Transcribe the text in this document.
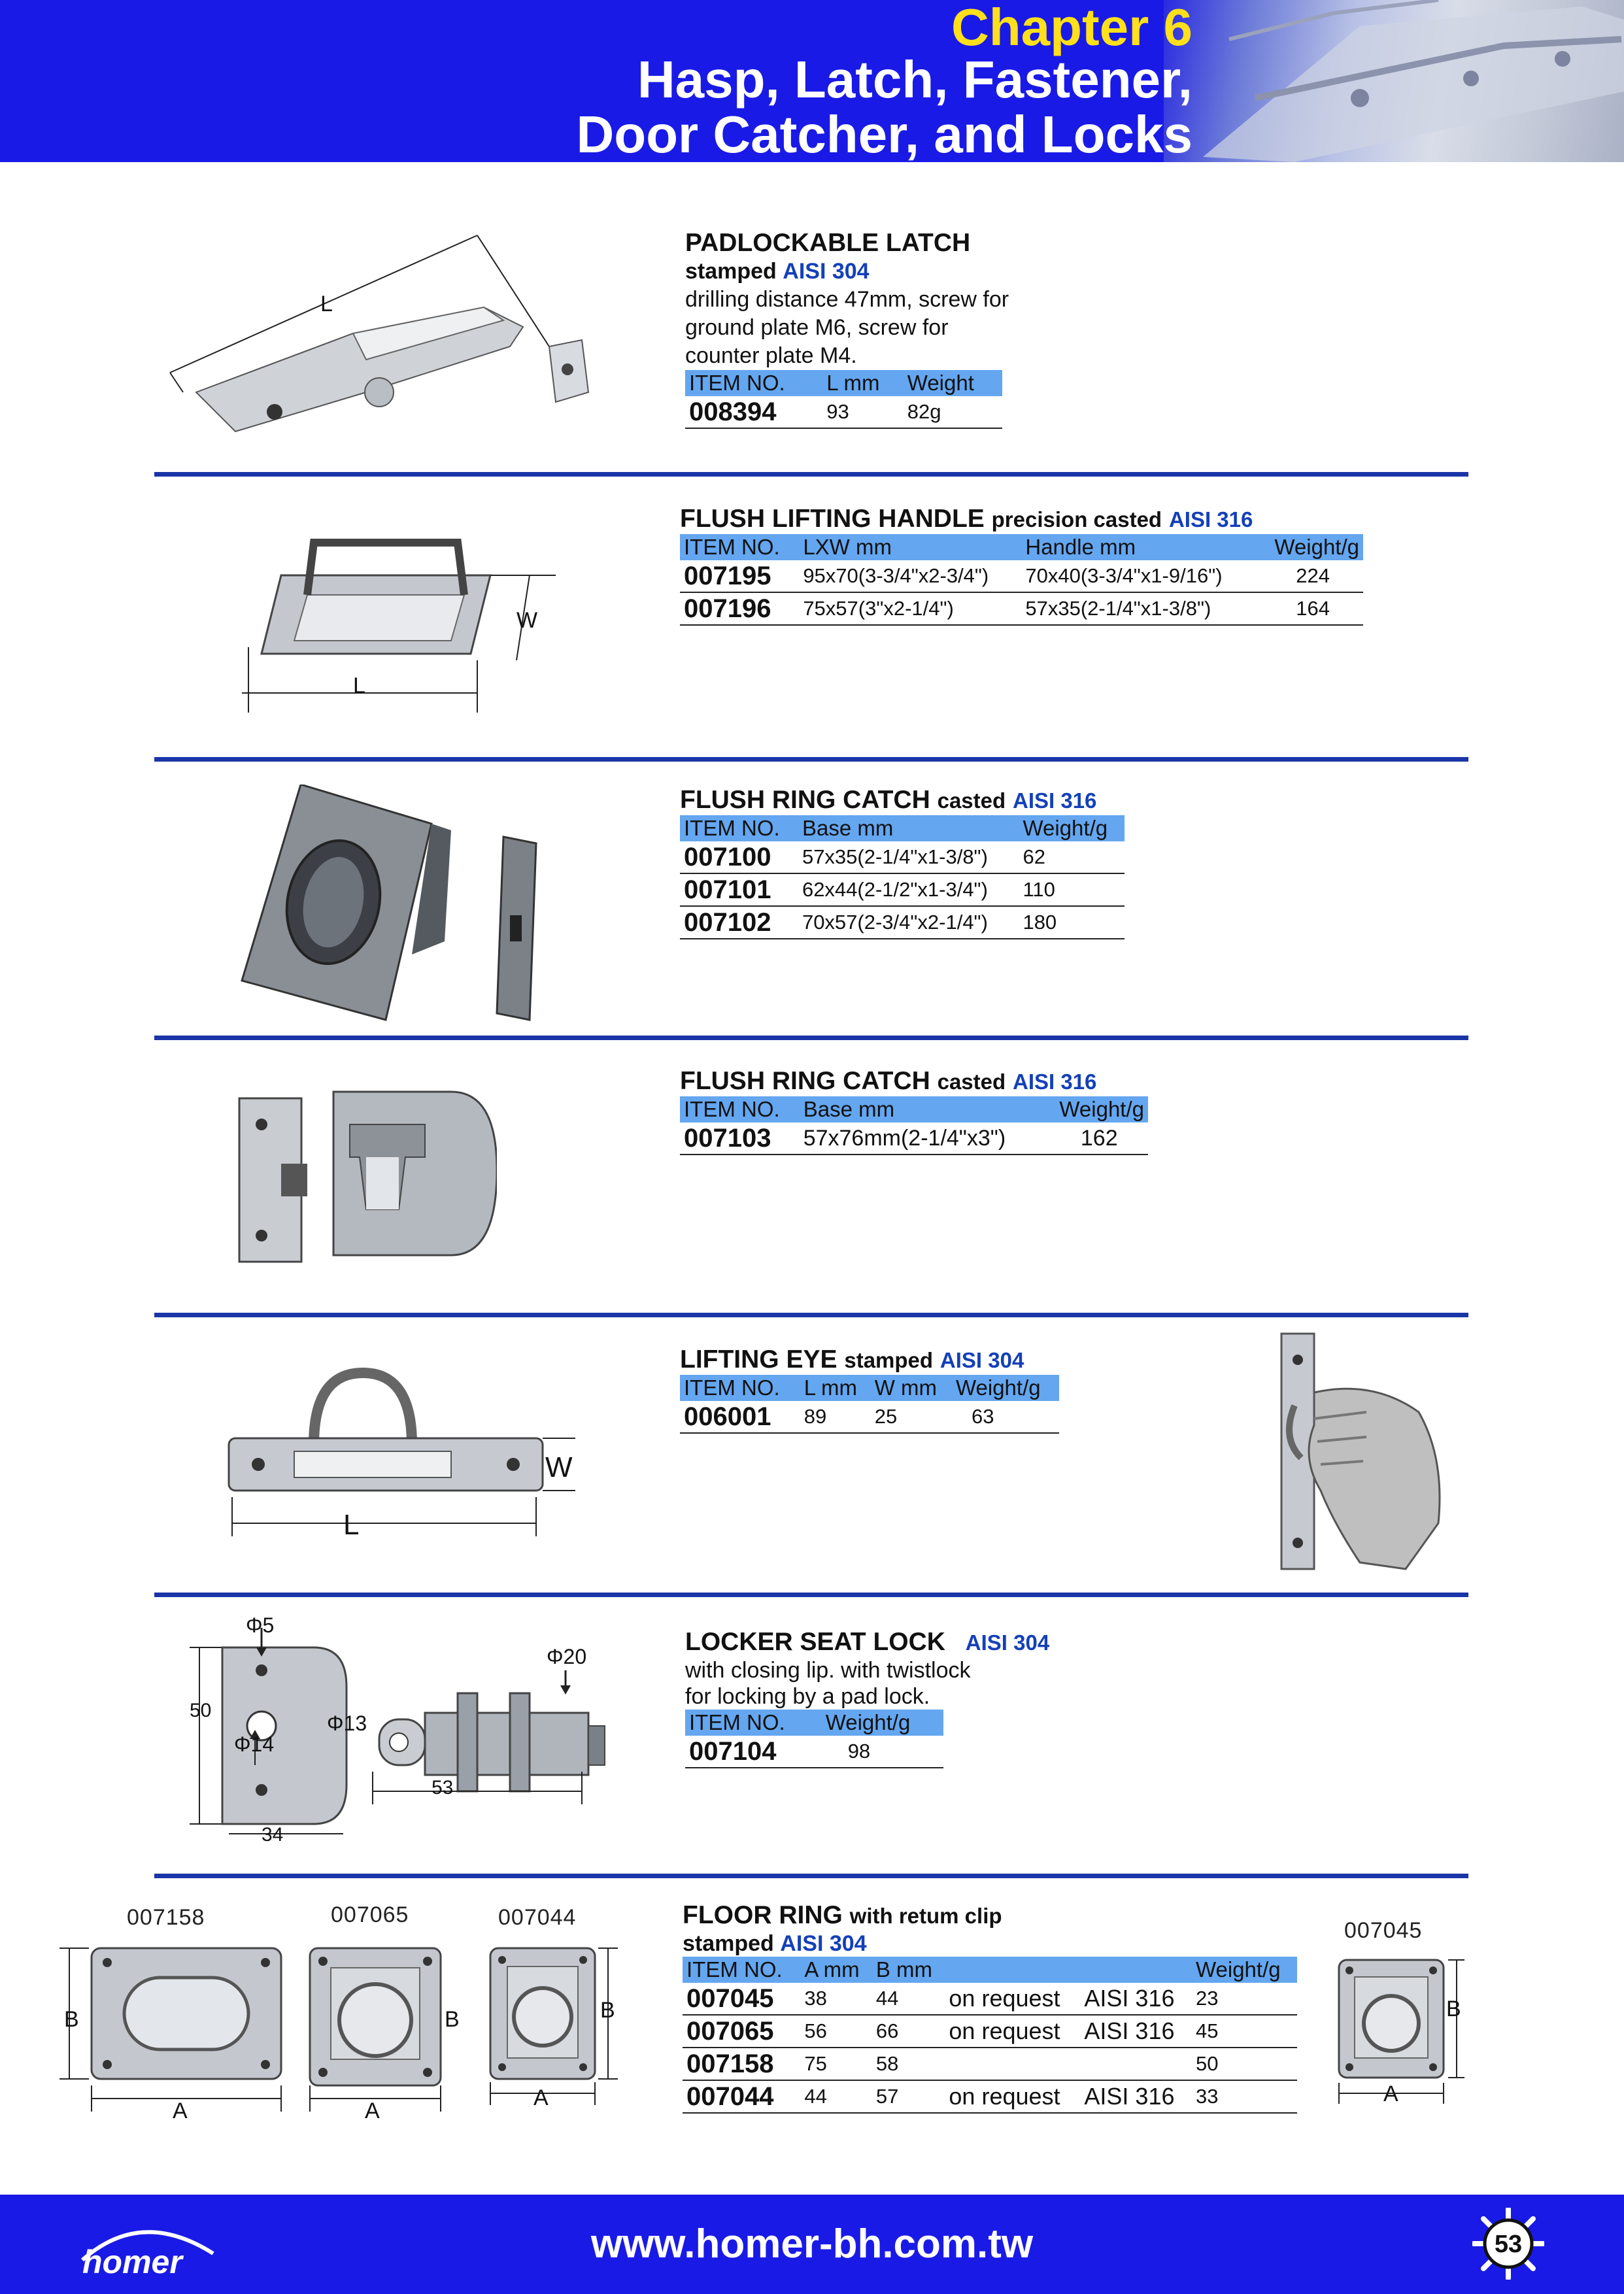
Chapter 6
Hasp, Latch, Fastener,
Door Catcher, and Locks
L
PADLOCKABLE LATCH
stamped AISI 304
drilling distance 47mm, screw for
ground plate M6, screw for
counter plate M4.
ITEM NO.	L mm	Weight
008394	93	82g
W
L
FLUSH LIFTING HANDLE precision casted AISI 316
ITEM NO.	LXW mm	Handle mm	Weight/g
007195	95x70(3-3/4"x2-3/4")	70x40(3-3/4"x1-9/16")	224
007196	75x57(3"x2-1/4")	57x35(2-1/4"x1-3/8")	164
FLUSH RING CATCH casted AISI 316
ITEM NO.	Base mm	Weight/g
007100	57x35(2-1/4"x1-3/8")	62
007101	62x44(2-1/2"x1-3/4")	110
007102	70x57(2-3/4"x2-1/4")	180
FLUSH RING CATCH casted AISI 316
ITEM NO.	Base mm	Weight/g
007103	57x76mm(2-1/4"x3")	162
W
L
LIFTING EYE stamped AISI 304
ITEM NO.	L mm	W mm	Weight/g
006001	89	25	63
Φ5
50
Φ14
Φ13
Φ20
53
34
LOCKER SEAT LOCK AISI 304
with closing lip. with twistlock
for locking by a pad lock.
ITEM NO.	Weight/g
007104	98
007158	007065	007044
007045
B
A
B
A
B
A
FLOOR RING with retum clip
stamped AISI 304
ITEM NO.	A mm	B mm			Weight/g
007045	38	44	on request	AISI 316	23
007065	56	66	on request	AISI 316	45
007158	75	58			50
007044	44	57	on request	AISI 316	33
B
A
homer	www.homer-bh.com.tw	53
